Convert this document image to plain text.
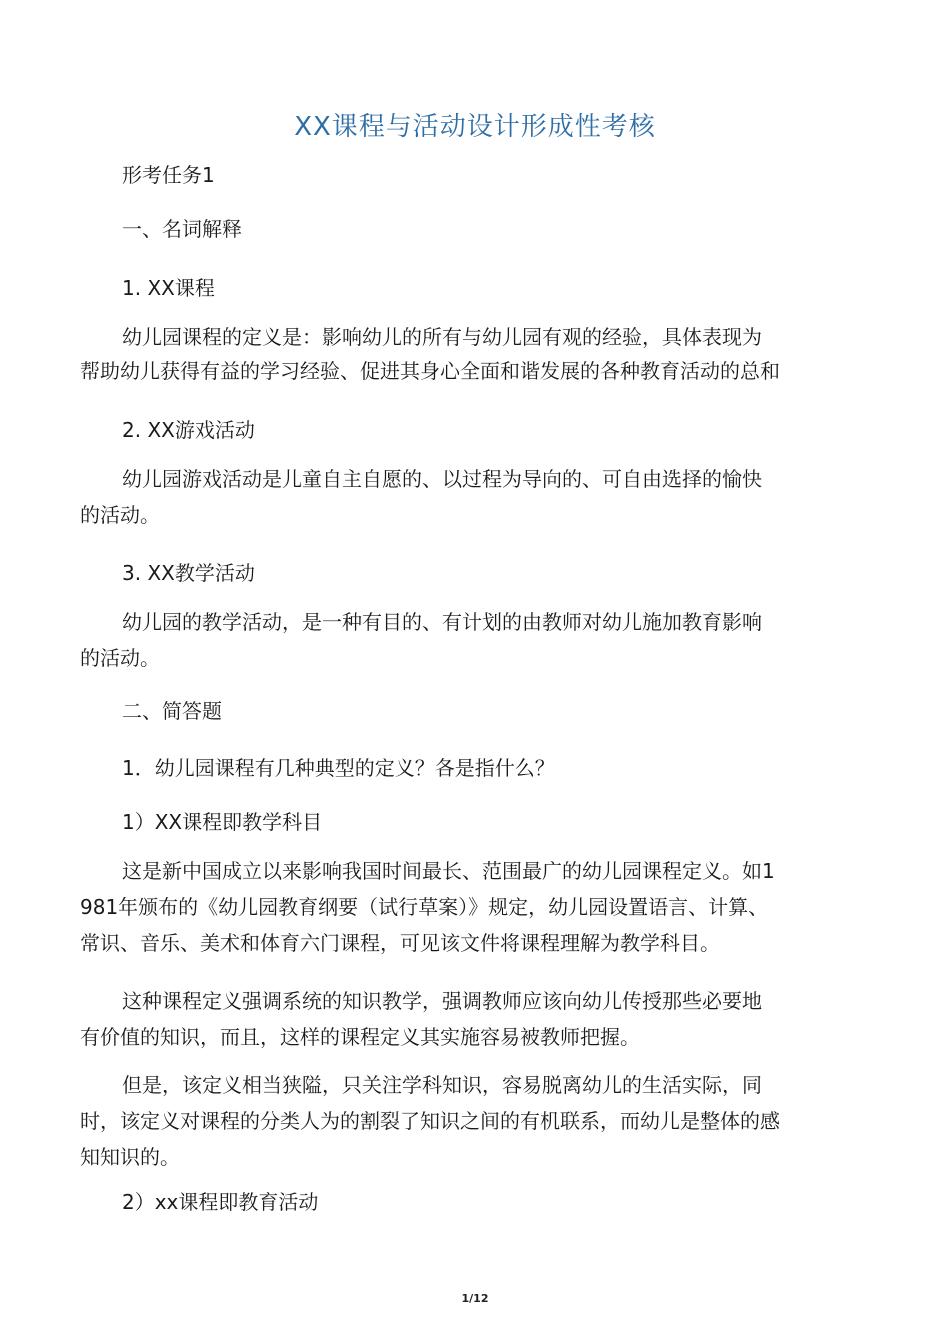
XX课程与活动设计形成性考核
形考任务1
一、名词解释
1. XX课程
幼儿园课程的定义是：影响幼儿的所有与幼儿园有观的经验，具体表现为
帮助幼儿获得有益的学习经验、促进其身心全面和谐发展的各种教育活动的总和
2. XX游戏活动
幼儿园游戏活动是儿童自主自愿的、以过程为导向的、可自由选择的愉快
的活动。
3. XX教学活动
幼儿园的教学活动，是一种有目的、有计划的由教师对幼儿施加教育影响
的活动。
二、简答题
1．幼儿园课程有几种典型的定义？各是指什么？
1）XX课程即教学科目
这是新中国成立以来影响我国时间最长、范围最广的幼儿园课程定义。如1
981年颁布的《幼儿园教育纲要（试行草案）》规定，幼儿园设置语言、计算、
常识、音乐、美术和体育六门课程，可见该文件将课程理解为教学科目。
这种课程定义强调系统的知识教学，强调教师应该向幼儿传授那些必要地
有价值的知识，而且，这样的课程定义其实施容易被教师把握。
但是，该定义相当狭隘，只关注学科知识，容易脱离幼儿的生活实际，同
时，该定义对课程的分类人为的割裂了知识之间的有机联系，而幼儿是整体的感
知知识的。
2）xx课程即教育活动
1/12
